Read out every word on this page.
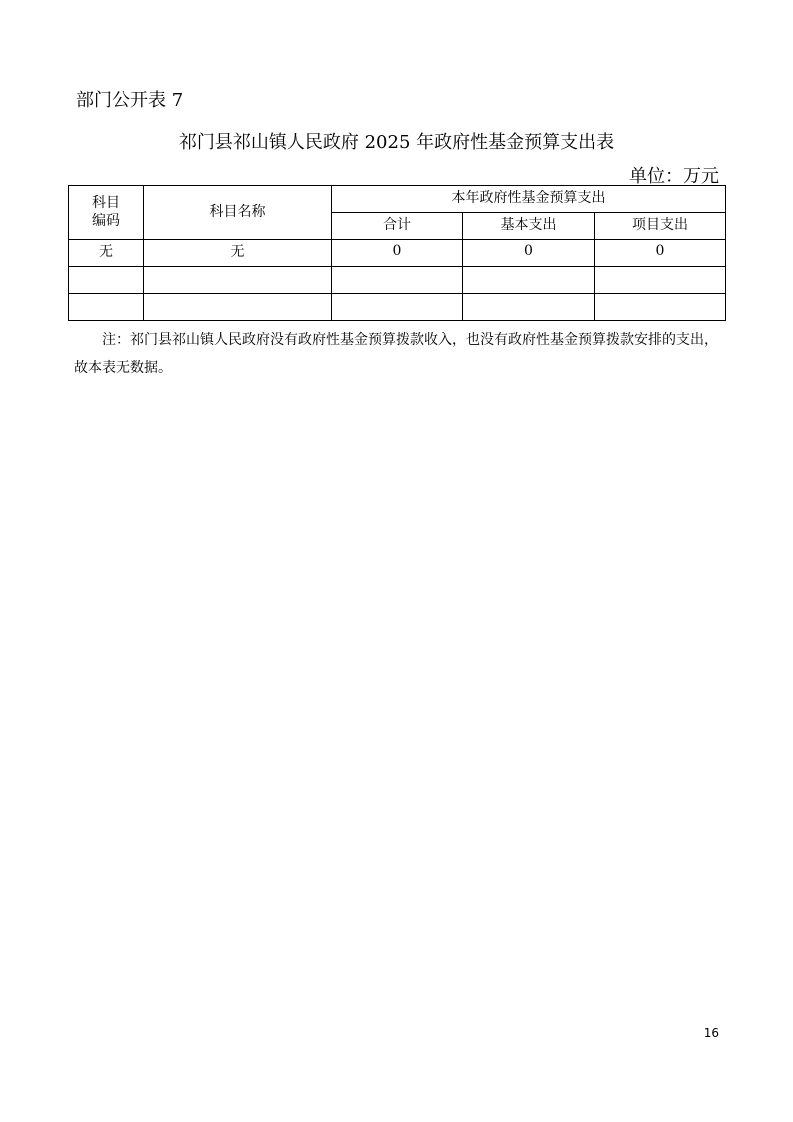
部门公开表 7
祁门县祁山镇人民政府 2025 年政府性基金预算支出表
单位：万元
科目
编码	科目名称	本年政府性基金预算支出		
		合计	基本支出	项目支出
无	无	0	0	0

注：祁门县祁山镇人民政府没有政府性基金预算拨款收入，也没有政府性基金预算拨款安排的支出，故本表无数据。
16
